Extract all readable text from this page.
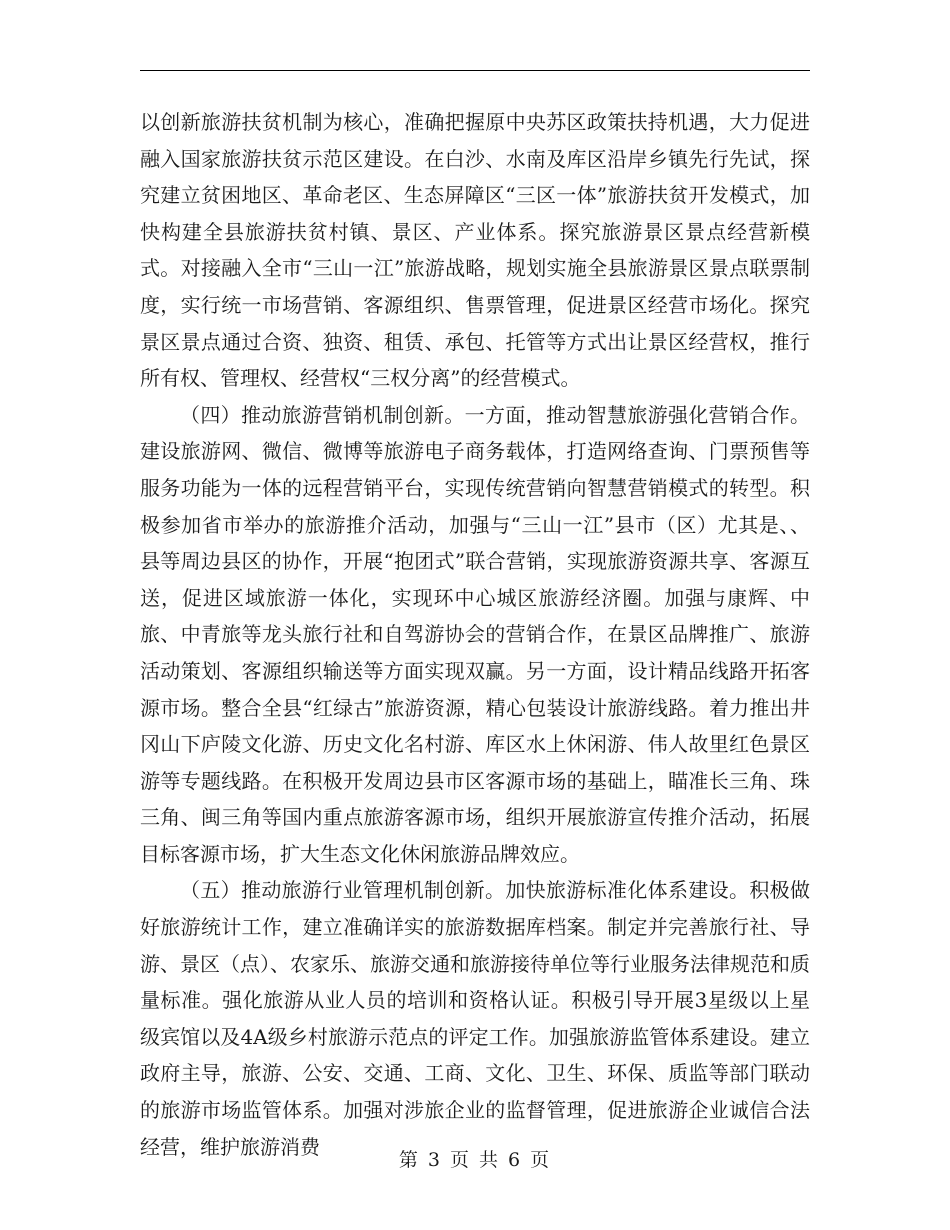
以创新旅游扶贫机制为核心，准确把握原中央苏区政策扶持机遇，大力促进融入国家旅游扶贫示范区建设。在白沙、水南及库区沿岸乡镇先行先试，探究建立贫困地区、革命老区、生态屏障区“三区一体”旅游扶贫开发模式，加快构建全县旅游扶贫村镇、景区、产业体系。探究旅游景区景点经营新模式。对接融入全市“三山一江”旅游战略，规划实施全县旅游景区景点联票制度，实行统一市场营销、客源组织、售票管理，促进景区经营市场化。探究景区景点通过合资、独资、租赁、承包、托管等方式出让景区经营权，推行所有权、管理权、经营权“三权分离”的经营模式。

（四）推动旅游营销机制创新。一方面，推动智慧旅游强化营销合作。建设旅游网、微信、微博等旅游电子商务载体，打造网络查询、门票预售等服务功能为一体的远程营销平台，实现传统营销向智慧营销模式的转型。积极参加省市举办的旅游推介活动，加强与“三山一江”县市（区）尤其是、、县等周边县区的协作，开展“抱团式”联合营销，实现旅游资源共享、客源互送，促进区域旅游一体化，实现环中心城区旅游经济圈。加强与康辉、中旅、中青旅等龙头旅行社和自驾游协会的营销合作，在景区品牌推广、旅游活动策划、客源组织输送等方面实现双赢。另一方面，设计精品线路开拓客源市场。整合全县“红绿古”旅游资源，精心包装设计旅游线路。着力推出井冈山下庐陵文化游、历史文化名村游、库区水上休闲游、伟人故里红色景区游等专题线路。在积极开发周边县市区客源市场的基础上，瞄准长三角、珠三角、闽三角等国内重点旅游客源市场，组织开展旅游宣传推介活动，拓展目标客源市场，扩大生态文化休闲旅游品牌效应。

（五）推动旅游行业管理机制创新。加快旅游标准化体系建设。积极做好旅游统计工作，建立准确详实的旅游数据库档案。制定并完善旅行社、导游、景区（点）、农家乐、旅游交通和旅游接待单位等行业服务法律规范和质量标准。强化旅游从业人员的培训和资格认证。积极引导开展3星级以上星级宾馆以及4A级乡村旅游示范点的评定工作。加强旅游监管体系建设。建立政府主导，旅游、公安、交通、工商、文化、卫生、环保、质监等部门联动的旅游市场监管体系。加强对涉旅企业的监督管理，促进旅游企业诚信合法经营，维护旅游消费

第 3 页 共 6 页
